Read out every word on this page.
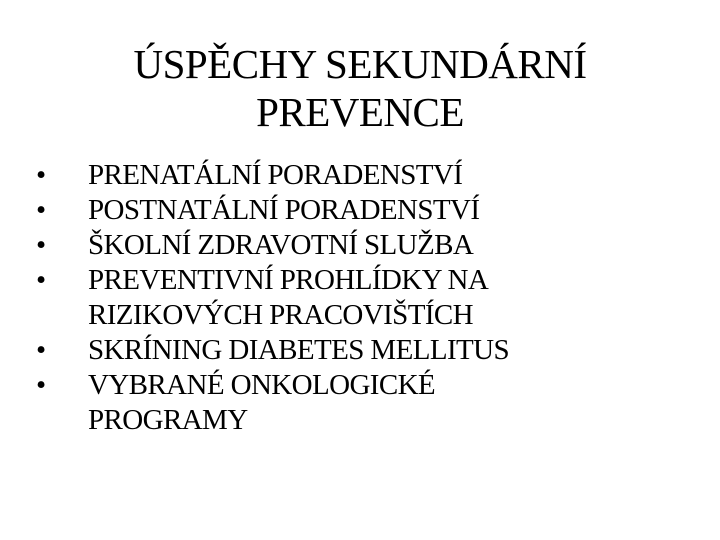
ÚSPĚCHY SEKUNDÁRNÍ
PREVENCE
•	PRENATÁLNÍ PORADENSTVÍ
•	POSTNATÁLNÍ PORADENSTVÍ
•	ŠKOLNÍ ZDRAVOTNÍ SLUŽBA
•	PREVENTIVNÍ PROHLÍDKY NA
RIZIKOVÝCH PRACOVIŠTÍCH
•	SKRÍNING DIABETES MELLITUS
•	VYBRANÉ ONKOLOGICKÉ
PROGRAMY
